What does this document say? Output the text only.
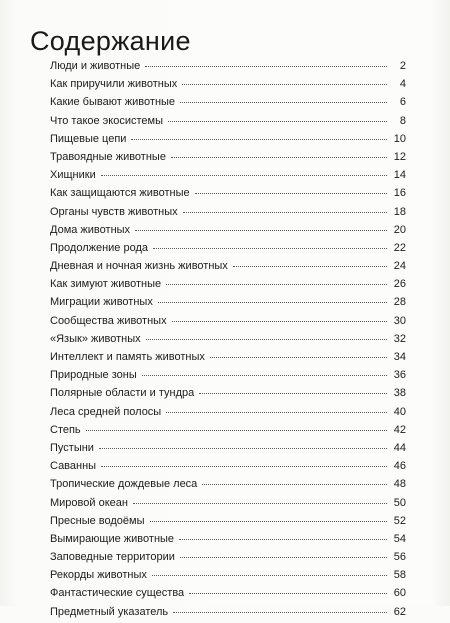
Содержание
Люди и животные	2
Как приручили животных	4
Какие бывают животные	6
Что такое экосистемы	8
Пищевые цепи	10
Травоядные животные	12
Хищники	14
Как защищаются животные	16
Органы чувств животных	18
Дома животных	20
Продолжение рода	22
Дневная и ночная жизнь животных	24
Как зимуют животные	26
Миграции животных	28
Сообщества животных	30
«Язык» животных	32
Интеллект и память животных	34
Природные зоны	36
Полярные области и тундра	38
Леса средней полосы	40
Степь	42
Пустыни	44
Саванны	46
Тропические дождевые леса	48
Мировой океан	50
Пресные водоёмы	52
Вымирающие животные	54
Заповедные территории	56
Рекорды животных	58
Фантастические существа	60
Предметный указатель	62
